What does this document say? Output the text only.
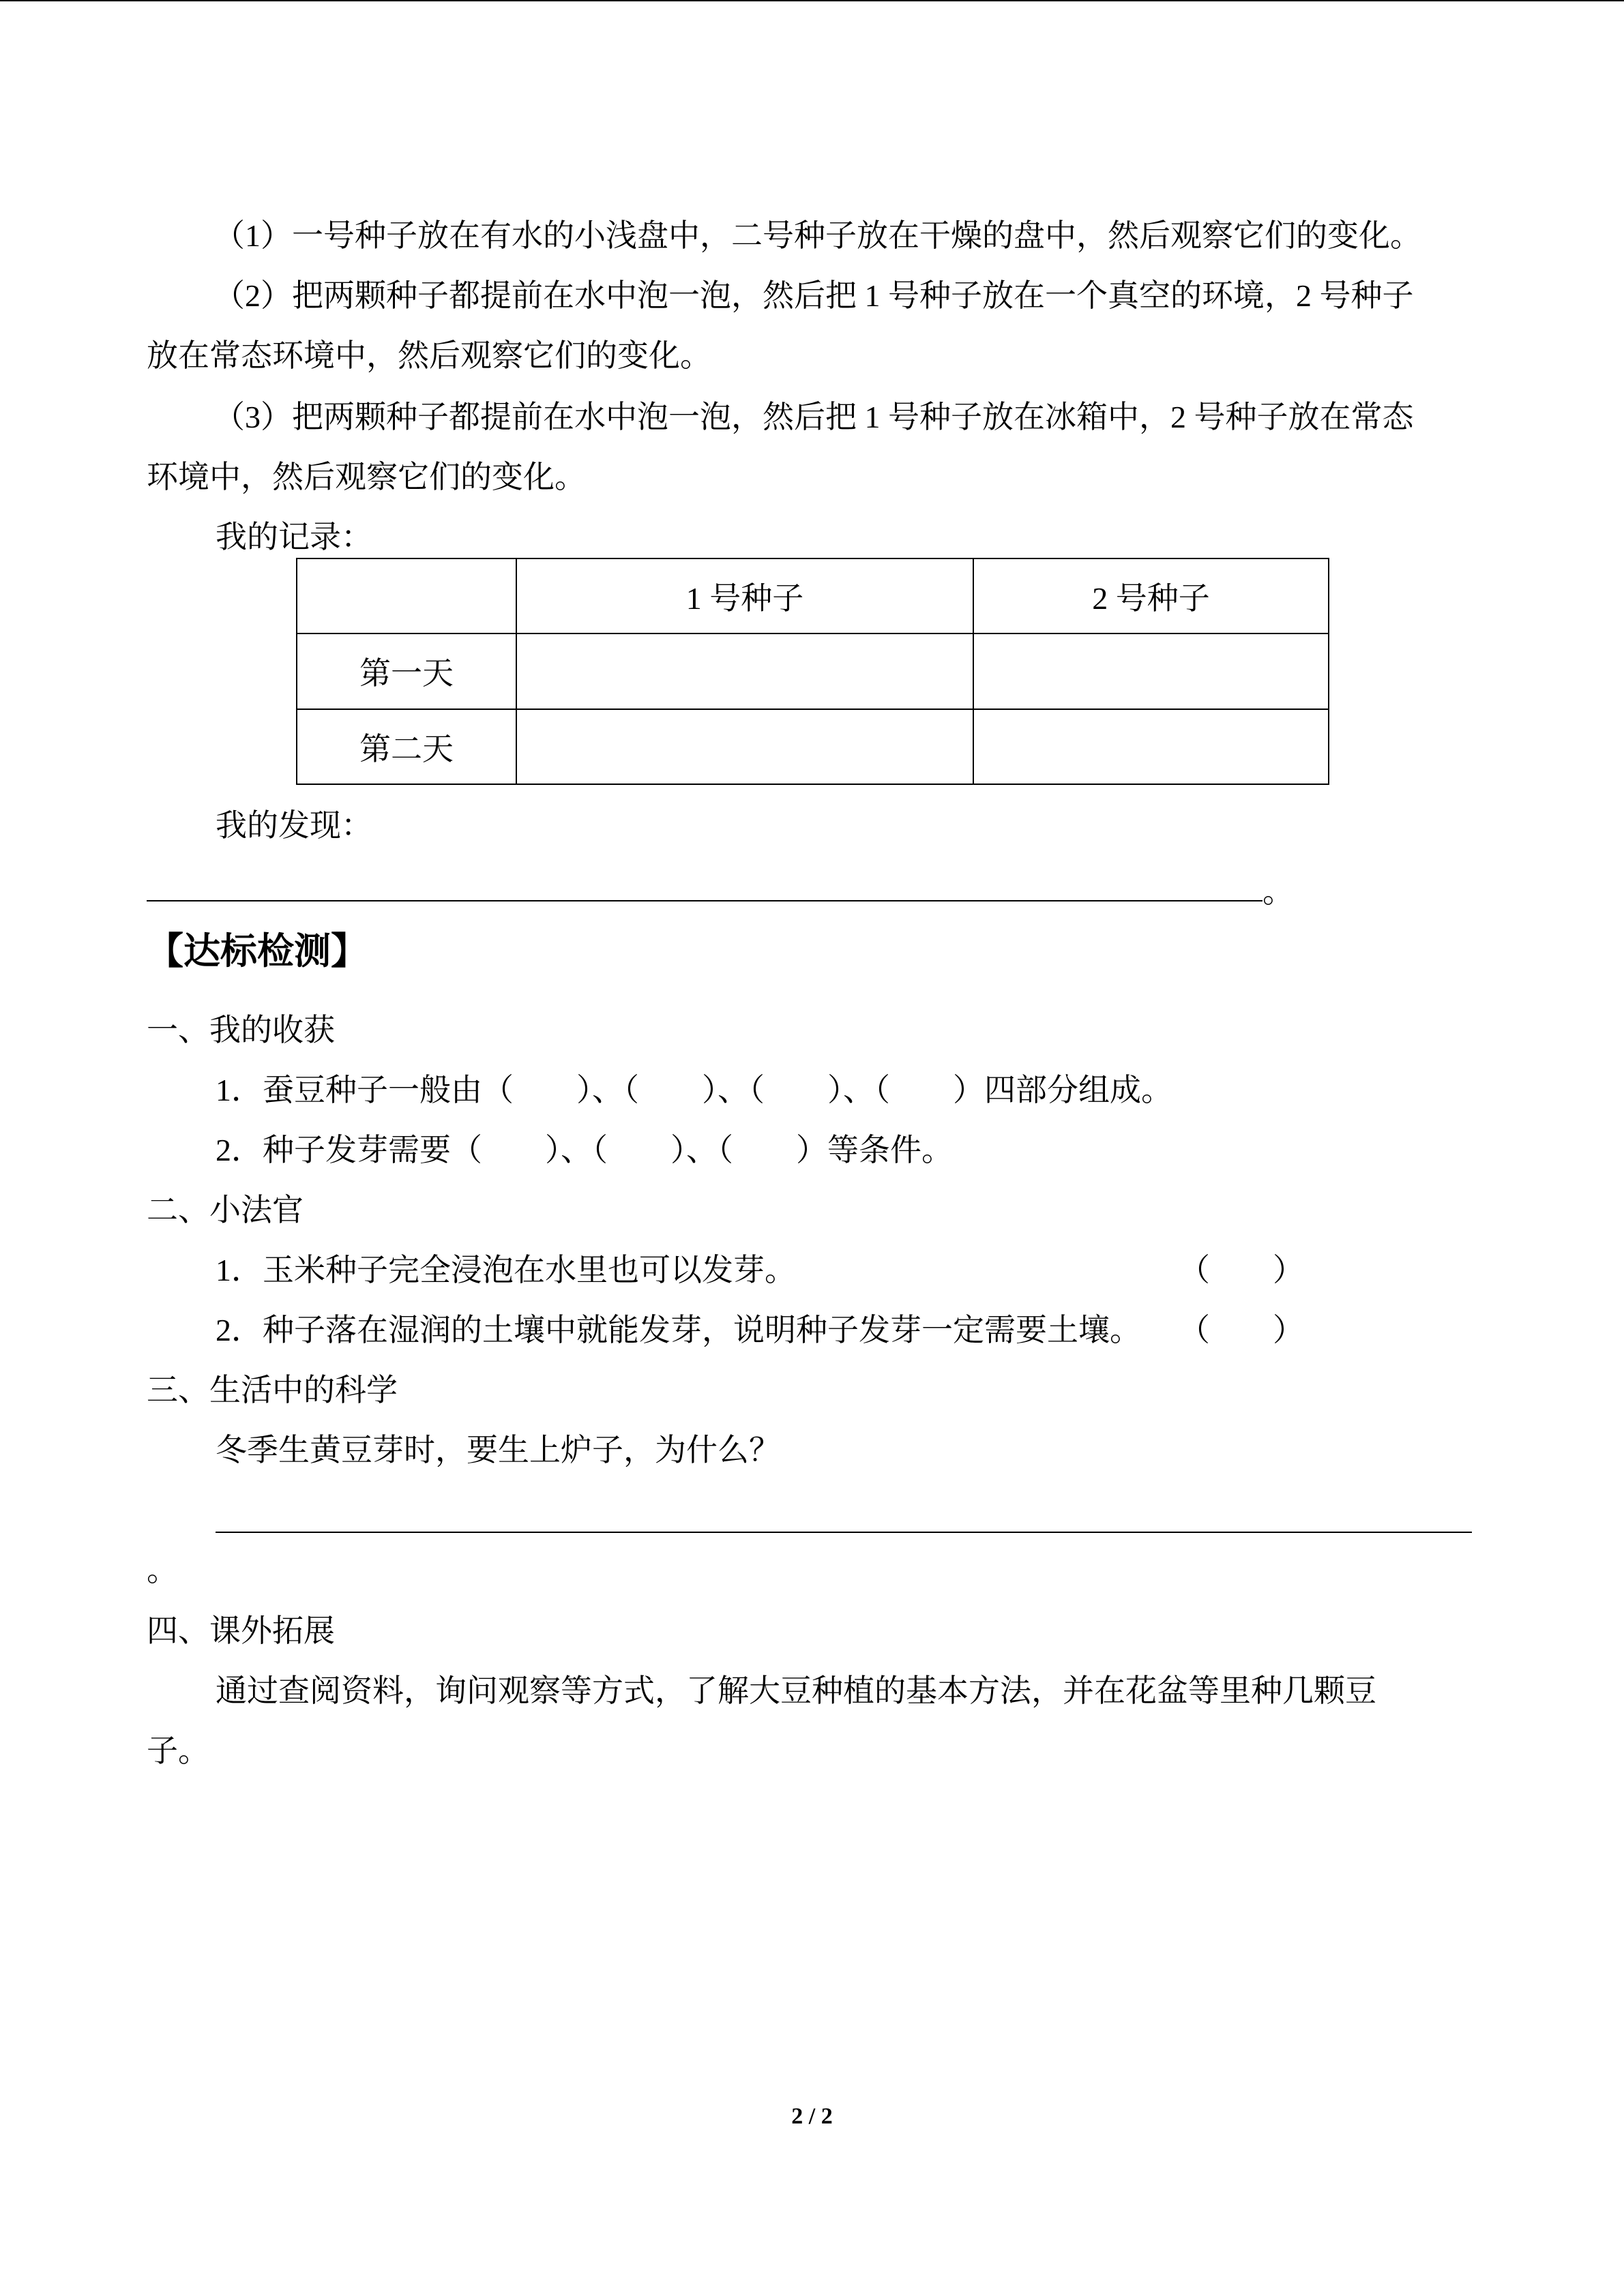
（1）一号种子放在有水的小浅盘中，二号种子放在干燥的盘中，然后观察它们的变化。
（2）把两颗种子都提前在水中泡一泡，然后把 1 号种子放在一个真空的环境，2 号种子
放在常态环境中，然后观察它们的变化。
（3）把两颗种子都提前在水中泡一泡，然后把 1 号种子放在冰箱中，2 号种子放在常态
环境中，然后观察它们的变化。
我的记录：
	1 号种子	2 号种子
第一天		
第二天		
我的发现：
。
【达标检测】
一、我的收获
1．蚕豆种子一般由（　　）、（　　）、（　　）、（　　）四部分组成。
2．种子发芽需要（　　）、（　　）、（　　）等条件。
二、小法官
1．玉米种子完全浸泡在水里也可以发芽。	（　　）
2．种子落在湿润的土壤中就能发芽，说明种子发芽一定需要土壤。 （　　）
三、生活中的科学
冬季生黄豆芽时，要生上炉子，为什么？
。
四、课外拓展
通过查阅资料，询问观察等方式，了解大豆种植的基本方法，并在花盆等里种几颗豆
子。
2 / 2
